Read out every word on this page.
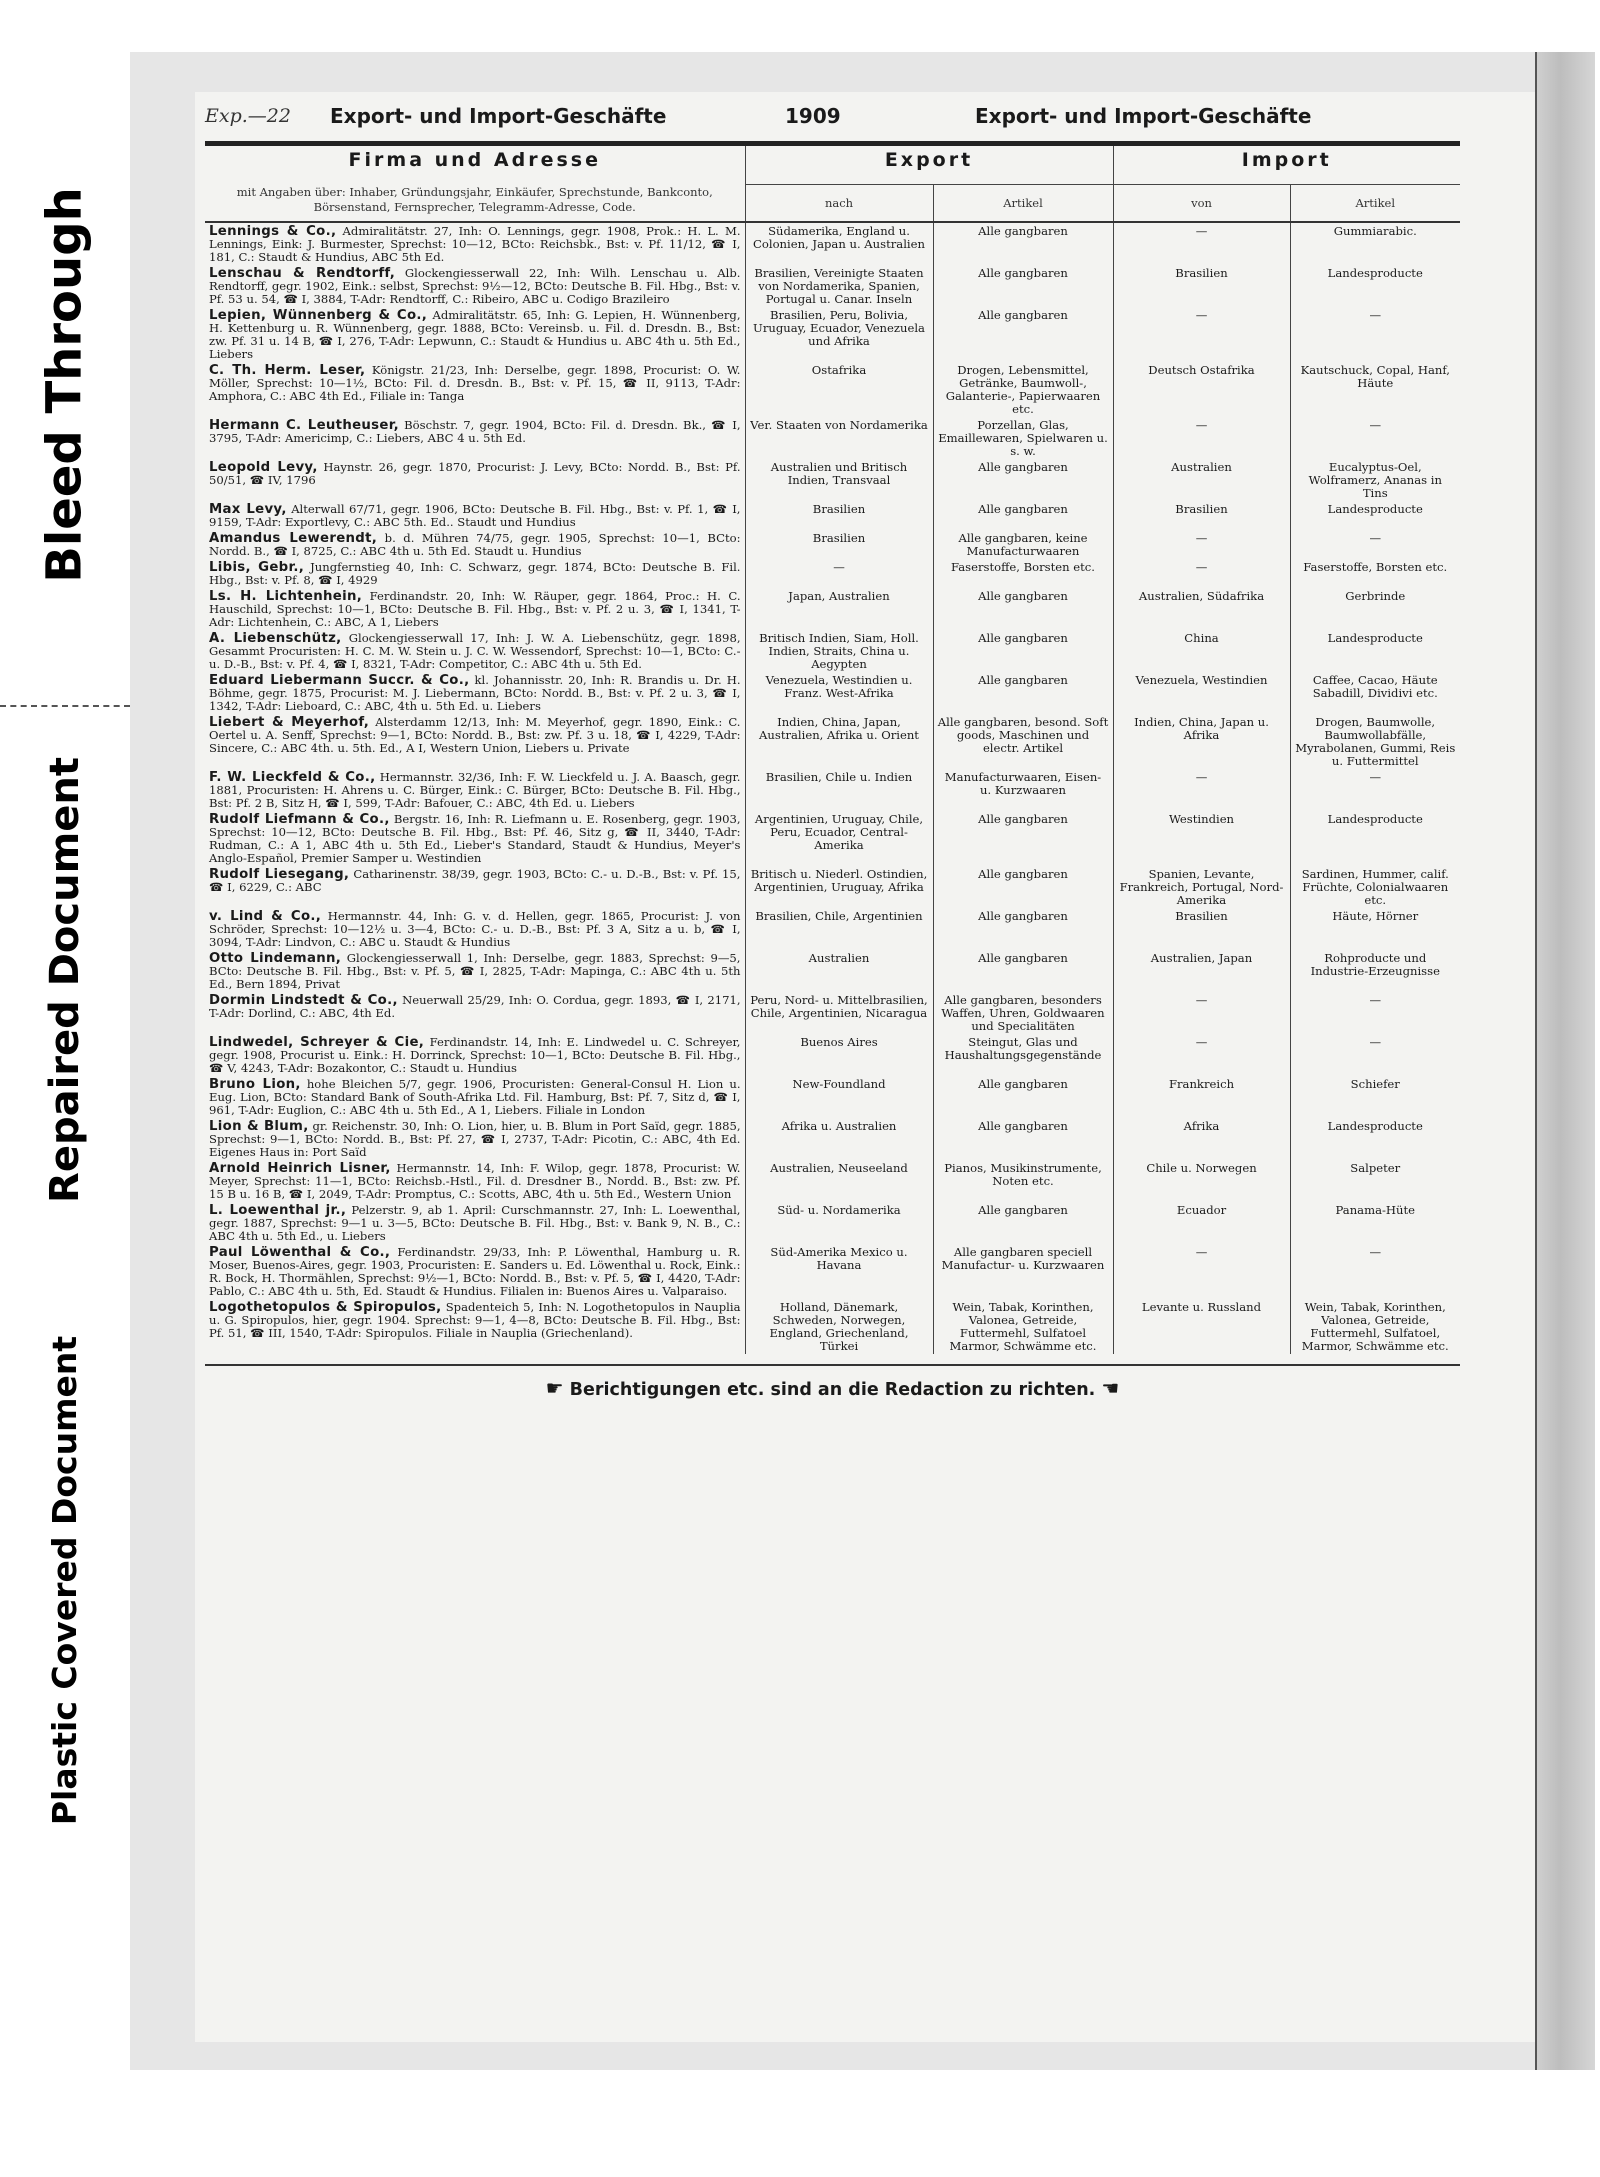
Bleed Through
Repaired Document
Plastic Covered Document
Exp.—22 Export- und Import-Geschäfte	1909	Export- und Import-Geschäfte
Firma und Adresse	Export		Import	
mit Angaben über: Inhaber, Gründungsjahr, Einkäufer, Sprechstunde, Bankconto, Börsenstand, Fernsprecher, Telegramm-Adresse, Code.	nach	Artikel	von	Artikel
Lennings & Co., Admiralitätstr. 27, Inh: O. Lennings, gegr. 1908, Prok.: H. L. M. Lennings, Eink: J. Burmester, Sprechst: 10—12, BCto: Reichsbk., Bst: v. Pf. 11/12, ☎ I, 181, C.: Staudt & Hundius, ABC 5th Ed.	Südamerika, England u. Colonien, Japan u. Australien	Alle gangbaren	—	Gummiarabic.
Lenschau & Rendtorff, Glockengiesserwall 22, Inh: Wilh. Lenschau u. Alb. Rendtorff, gegr. 1902, Eink.: selbst, Sprechst: 9½—12, BCto: Deutsche B. Fil. Hbg., Bst: v. Pf. 53 u. 54, ☎ I, 3884, T-Adr: Rendtorff, C.: Ribeiro, ABC u. Codigo Brazileiro	Brasilien, Vereinigte Staaten von Nordamerika, Spanien, Portugal u. Canar. Inseln	Alle gangbaren	Brasilien	Landesproducte
Lepien, Wünnenberg & Co., Admiralitätstr. 65, Inh: G. Lepien, H. Wünnenberg, H. Kettenburg u. R. Wünnenberg, gegr. 1888, BCto: Vereinsb. u. Fil. d. Dresdn. B., Bst: zw. Pf. 31 u. 14 B, ☎ I, 276, T-Adr: Lepwunn, C.: Staudt & Hundius u. ABC 4th u. 5th Ed., Liebers	Brasilien, Peru, Bolivia, Uruguay, Ecuador, Venezuela und Afrika	Alle gangbaren	—	—
C. Th. Herm. Leser, Königstr. 21/23, Inh: Derselbe, gegr. 1898, Procurist: O. W. Möller, Sprechst: 10—1½, BCto: Fil. d. Dresdn. B., Bst: v. Pf. 15, ☎ II, 9113, T-Adr: Amphora, C.: ABC 4th Ed., Filiale in: Tanga	Ostafrika	Drogen, Lebensmittel, Getränke, Baumwoll-, Galanterie-, Papierwaaren etc.	Deutsch Ostafrika	Kautschuck, Copal, Hanf, Häute
Hermann C. Leutheuser, Böschstr. 7, gegr. 1904, BCto: Fil. d. Dresdn. Bk., ☎ I, 3795, T-Adr: Americimp, C.: Liebers, ABC 4 u. 5th Ed.	Ver. Staaten von Nordamerika	Porzellan, Glas, Emaillewaren, Spielwaren u. s. w.	—	—
Leopold Levy, Haynstr. 26, gegr. 1870, Procurist: J. Levy, BCto: Nordd. B., Bst: Pf. 50/51, ☎ IV, 1796	Australien und Britisch Indien, Transvaal	Alle gangbaren	Australien	Eucalyptus-Oel, Wolframerz, Ananas in Tins
Max Levy, Alterwall 67/71, gegr. 1906, BCto: Deutsche B. Fil. Hbg., Bst: v. Pf. 1, ☎ I, 9159, T-Adr: Exportlevy, C.: ABC 5th. Ed.. Staudt und Hundius	Brasilien	Alle gangbaren	Brasilien	Landesproducte
Amandus Lewerendt, b. d. Mühren 74/75, gegr. 1905, Sprechst: 10—1, BCto: Nordd. B., ☎ I, 8725, C.: ABC 4th u. 5th Ed. Staudt u. Hundius	Brasilien	Alle gangbaren, keine Manufacturwaaren	—	—
Libis, Gebr., Jungfernstieg 40, Inh: C. Schwarz, gegr. 1874, BCto: Deutsche B. Fil. Hbg., Bst: v. Pf. 8, ☎ I, 4929	—	Faserstoffe, Borsten etc.	—	Faserstoffe, Borsten etc.
Ls. H. Lichtenhein, Ferdinandstr. 20, Inh: W. Räuper, gegr. 1864, Proc.: H. C. Hauschild, Sprechst: 10—1, BCto: Deutsche B. Fil. Hbg., Bst: v. Pf. 2 u. 3, ☎ I, 1341, T-Adr: Lichtenhein, C.: ABC, A 1, Liebers	Japan, Australien	Alle gangbaren	Australien, Südafrika	Gerbrinde
A. Liebenschütz, Glockengiesserwall 17, Inh: J. W. A. Liebenschütz, gegr. 1898, Gesammt Procuristen: H. C. M. W. Stein u. J. C. W. Wessendorf, Sprechst: 10—1, BCto: C.- u. D.-B., Bst: v. Pf. 4, ☎ I, 8321, T-Adr: Competitor, C.: ABC 4th u. 5th Ed.	Britisch Indien, Siam, Holl. Indien, Straits, China u. Aegypten	Alle gangbaren	China	Landesproducte
Eduard Liebermann Succr. & Co., kl. Johannisstr. 20, Inh: R. Brandis u. Dr. H. Böhme, gegr. 1875, Procurist: M. J. Liebermann, BCto: Nordd. B., Bst: v. Pf. 2 u. 3, ☎ I, 1342, T-Adr: Lieboard, C.: ABC, 4th u. 5th Ed. u. Liebers	Venezuela, Westindien u. Franz. West-Afrika	Alle gangbaren	Venezuela, Westindien	Caffee, Cacao, Häute Sabadill, Dividivi etc.
Liebert & Meyerhof, Alsterdamm 12/13, Inh: M. Meyerhof, gegr. 1890, Eink.: C. Oertel u. A. Senff, Sprechst: 9—1, BCto: Nordd. B., Bst: zw. Pf. 3 u. 18, ☎ I, 4229, T-Adr: Sincere, C.: ABC 4th. u. 5th. Ed., A I, Western Union, Liebers u. Private	Indien, China, Japan, Australien, Afrika u. Orient	Alle gangbaren, besond. Soft goods, Maschinen und electr. Artikel	Indien, China, Japan u. Afrika	Drogen, Baumwolle, Baumwollabfälle, Myrabolanen, Gummi, Reis u. Futtermittel
F. W. Lieckfeld & Co., Hermannstr. 32/36, Inh: F. W. Lieckfeld u. J. A. Baasch, gegr. 1881, Procuristen: H. Ahrens u. C. Bürger, Eink.: C. Bürger, BCto: Deutsche B. Fil. Hbg., Bst: Pf. 2 B, Sitz H, ☎ I, 599, T-Adr: Bafouer, C.: ABC, 4th Ed. u. Liebers	Brasilien, Chile u. Indien	Manufacturwaaren, Eisen- u. Kurzwaaren	—	—
Rudolf Liefmann & Co., Bergstr. 16, Inh: R. Liefmann u. E. Rosenberg, gegr. 1903, Sprechst: 10—12, BCto: Deutsche B. Fil. Hbg., Bst: Pf. 46, Sitz g, ☎ II, 3440, T-Adr: Rudman, C.: A 1, ABC 4th u. 5th Ed., Lieber's Standard, Staudt & Hundius, Meyer's Anglo-Español, Premier Samper u. Westindien	Argentinien, Uruguay, Chile, Peru, Ecuador, Central-Amerika	Alle gangbaren	Westindien	Landesproducte
Rudolf Liesegang, Catharinenstr. 38/39, gegr. 1903, BCto: C.- u. D.-B., Bst: v. Pf. 15, ☎ I, 6229, C.: ABC	Britisch u. Niederl. Ostindien, Argentinien, Uruguay, Afrika	Alle gangbaren	Spanien, Levante, Frankreich, Portugal, Nord-Amerika	Sardinen, Hummer, calif. Früchte, Colonialwaaren etc.
v. Lind & Co., Hermannstr. 44, Inh: G. v. d. Hellen, gegr. 1865, Procurist: J. von Schröder, Sprechst: 10—12½ u. 3—4, BCto: C.- u. D.-B., Bst: Pf. 3 A, Sitz a u. b, ☎ I, 3094, T-Adr: Lindvon, C.: ABC u. Staudt & Hundius	Brasilien, Chile, Argentinien	Alle gangbaren	Brasilien	Häute, Hörner
Otto Lindemann, Glockengiesserwall 1, Inh: Derselbe, gegr. 1883, Sprechst: 9—5, BCto: Deutsche B. Fil. Hbg., Bst: v. Pf. 5, ☎ I, 2825, T-Adr: Mapinga, C.: ABC 4th u. 5th Ed., Bern 1894, Privat	Australien	Alle gangbaren	Australien, Japan	Rohproducte und Industrie-Erzeugnisse
Dormin Lindstedt & Co., Neuerwall 25/29, Inh: O. Cordua, gegr. 1893, ☎ I, 2171, T-Adr: Dorlind, C.: ABC, 4th Ed.	Peru, Nord- u. Mittelbrasilien, Chile, Argentinien, Nicaragua	Alle gangbaren, besonders Waffen, Uhren, Goldwaaren und Specialitäten	—	—
Lindwedel, Schreyer & Cie, Ferdinandstr. 14, Inh: E. Lindwedel u. C. Schreyer, gegr. 1908, Procurist u. Eink.: H. Dorrinck, Sprechst: 10—1, BCto: Deutsche B. Fil. Hbg., ☎ V, 4243, T-Adr: Bozakontor, C.: Staudt u. Hundius	Buenos Aires	Steingut, Glas und Haushaltungsgegenstände	—	—
Bruno Lion, hohe Bleichen 5/7, gegr. 1906, Procuristen: General-Consul H. Lion u. Eug. Lion, BCto: Standard Bank of South-Afrika Ltd. Fil. Hamburg, Bst: Pf. 7, Sitz d, ☎ I, 961, T-Adr: Euglion, C.: ABC 4th u. 5th Ed., A 1, Liebers. Filiale in London	New-Foundland	Alle gangbaren	Frankreich	Schiefer
Lion & Blum, gr. Reichenstr. 30, Inh: O. Lion, hier, u. B. Blum in Port Saïd, gegr. 1885, Sprechst: 9—1, BCto: Nordd. B., Bst: Pf. 27, ☎ I, 2737, T-Adr: Picotin, C.: ABC, 4th Ed. Eigenes Haus in: Port Saïd	Afrika u. Australien	Alle gangbaren	Afrika	Landesproducte
Arnold Heinrich Lisner, Hermannstr. 14, Inh: F. Wilop, gegr. 1878, Procurist: W. Meyer, Sprechst: 11—1, BCto: Reichsb.-Hstl., Fil. d. Dresdner B., Nordd. B., Bst: zw. Pf. 15 B u. 16 B, ☎ I, 2049, T-Adr: Promptus, C.: Scotts, ABC, 4th u. 5th Ed., Western Union	Australien, Neuseeland	Pianos, Musikinstrumente, Noten etc.	Chile u. Norwegen	Salpeter
L. Loewenthal jr., Pelzerstr. 9, ab 1. April: Curschmannstr. 27, Inh: L. Loewenthal, gegr. 1887, Sprechst: 9—1 u. 3—5, BCto: Deutsche B. Fil. Hbg., Bst: v. Bank 9, N. B., C.: ABC 4th u. 5th Ed., u. Liebers	Süd- u. Nordamerika	Alle gangbaren	Ecuador	Panama-Hüte
Paul Löwenthal & Co., Ferdinandstr. 29/33, Inh: P. Löwenthal, Hamburg u. R. Moser, Buenos-Aires, gegr. 1903, Procuristen: E. Sanders u. Ed. Löwenthal u. Rock, Eink.: R. Bock, H. Thormählen, Sprechst: 9½—1, BCto: Nordd. B., Bst: v. Pf. 5, ☎ I, 4420, T-Adr: Pablo, C.: ABC 4th u. 5th, Ed. Staudt & Hundius. Filialen in: Buenos Aires u. Valparaiso.	Süd-Amerika Mexico u. Havana	Alle gangbaren speciell Manufactur- u. Kurzwaaren	—	—
Logothetopulos & Spiropulos, Spadenteich 5, Inh: N. Logothetopulos in Nauplia u. G. Spiropulos, hier, gegr. 1904. Sprechst: 9—1, 4—8, BCto: Deutsche B. Fil. Hbg., Bst: Pf. 51, ☎ III, 1540, T-Adr: Spiropulos. Filiale in Nauplia (Griechenland).	Holland, Dänemark, Schweden, Norwegen, England, Griechenland, Türkei	Wein, Tabak, Korinthen, Valonea, Getreide, Futtermehl, Sulfatoel Marmor, Schwämme etc.	Levante u. Russland	Wein, Tabak, Korinthen, Valonea, Getreide, Futtermehl, Sulfatoel, Marmor, Schwämme etc.
☛ Berichtigungen etc. sind an die Redaction zu richten. ☚
